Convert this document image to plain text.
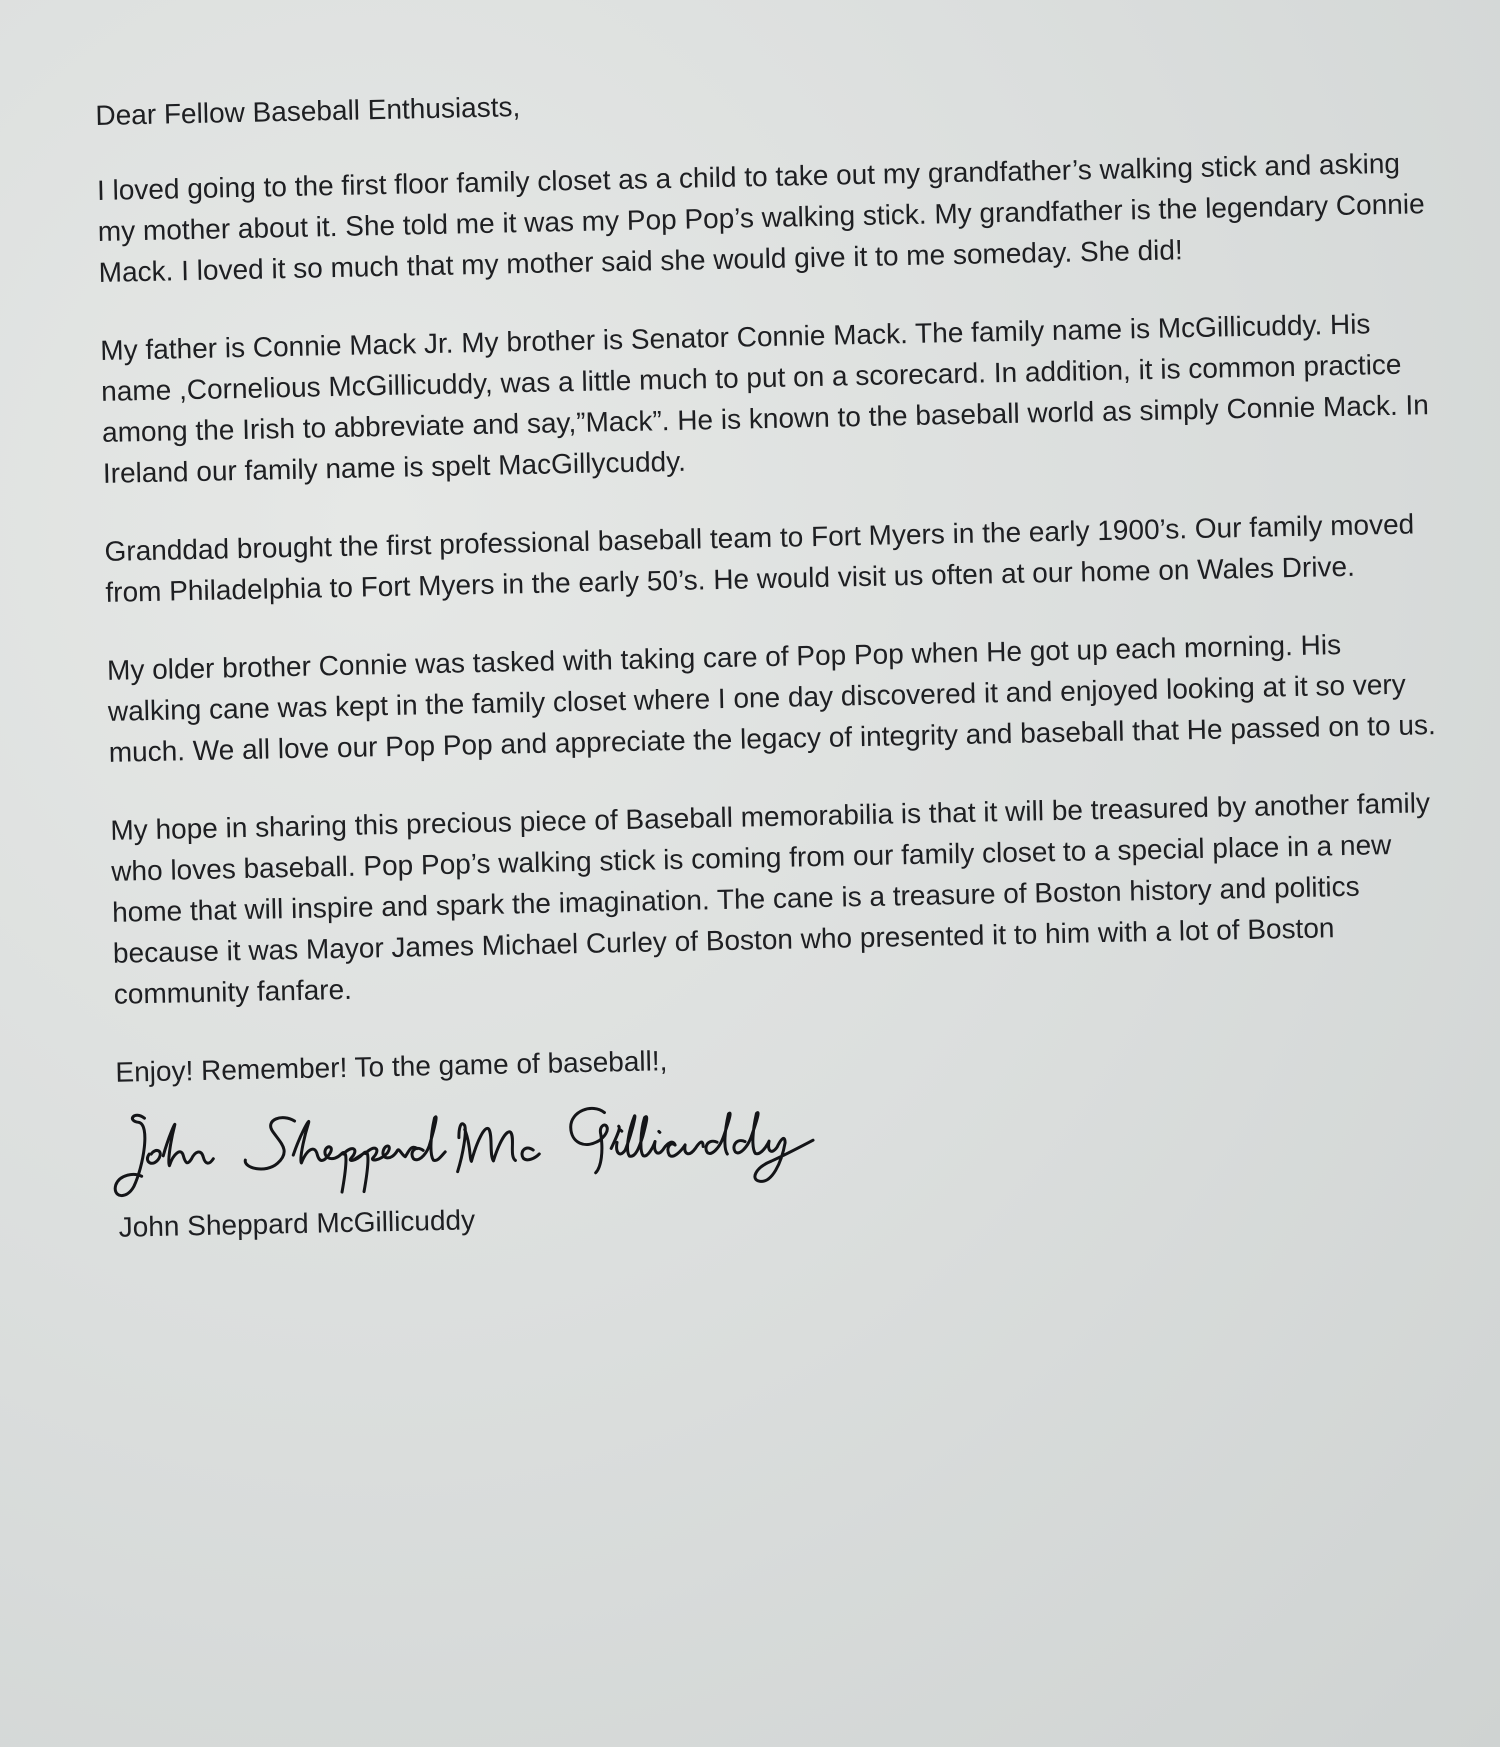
Dear Fellow Baseball Enthusiasts,

I loved going to the first floor family closet as a child to take out my grandfather’s walking stick and asking my mother about it. She told me it was my Pop Pop’s walking stick. My grandfather is the legendary Connie Mack. I loved it so much that my mother said she would give it to me someday. She did!

My father is Connie Mack Jr. My brother is Senator Connie Mack. The family name is McGillicuddy. His name ,Cornelious McGillicuddy, was a little much to put on a scorecard. In addition, it is common practice among the Irish to abbreviate and say,”Mack”. He is known to the baseball world as simply Connie Mack. In Ireland our family name is spelt MacGillycuddy.

Granddad brought the first professional baseball team to Fort Myers in the early 1900’s. Our family moved from Philadelphia to Fort Myers in the early 50’s. He would visit us often at our home on Wales Drive.

My older brother Connie was tasked with taking care of Pop Pop when He got up each morning. His walking cane was kept in the family closet where I one day discovered it and enjoyed looking at it so very much. We all love our Pop Pop and appreciate the legacy of integrity and baseball that He passed on to us.

My hope in sharing this precious piece of Baseball memorabilia is that it will be treasured by another family who loves baseball. Pop Pop’s walking stick is coming from our family closet to a special place in a new home that will inspire and spark the imagination. The cane is a treasure of Boston history and politics because it was Mayor James Michael Curley of Boston who presented it to him with a lot of Boston community fanfare.

Enjoy! Remember! To the game of baseball!,

John Sheppard McGillicuddy
